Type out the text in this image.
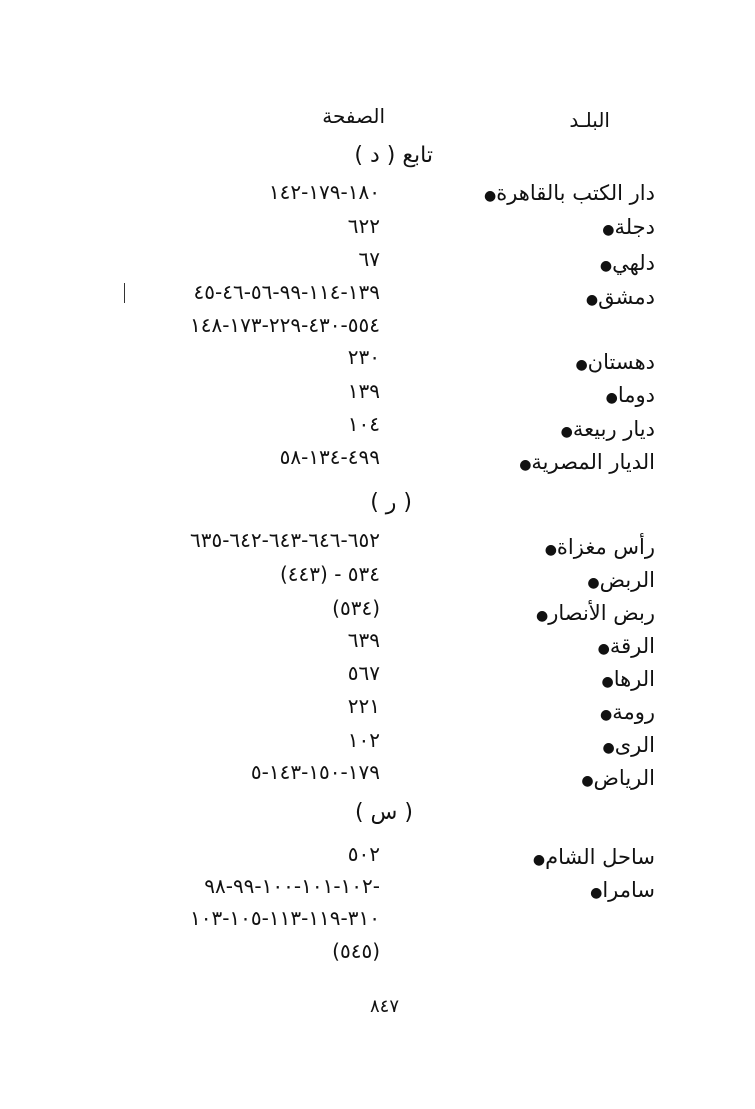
البلـد
الصفحة
تابع ( د )
( ر )
( س )
دار الكتب بالقاهرة●
١٨٠-١٧٩-١٤٢
دجلة●
٦٢٢
دلهي●
٦٧
دمشق●
١٣٩-١١٤-٩٩-٥٦-٤٦-٤٥
٥٥٤-٤٣٠-٢٢٩-١٧٣-١٤٨
دهستان●
٢٣٠
دوما●
١٣٩
ديار ربيعة●
١٠٤
الديار المصرية●
٤٩٩-١٣٤-٥٨
رأس مغزاة●
٦٥٢-٦٤٦-٦٤٣-٦٤٢-٦٣٥
الربض●
٥٣٤ - (٤٤٣)
ربض الأنصار●
(٥٣٤)
الرقة●
٦٣٩
الرها●
٥٦٧
رومة●
٢٢١
الرى●
١٠٢
الرياض●
١٧٩-١٥٠-١٤٣-٥
ساحل الشام●
٥٠٢
سامرا●
-١٠٢-١٠١-١٠٠-٩٩-٩٨
٣١٠-١١٩-١١٣-١٠٥-١٠٣
(٥٤٥)
٨٤٧
